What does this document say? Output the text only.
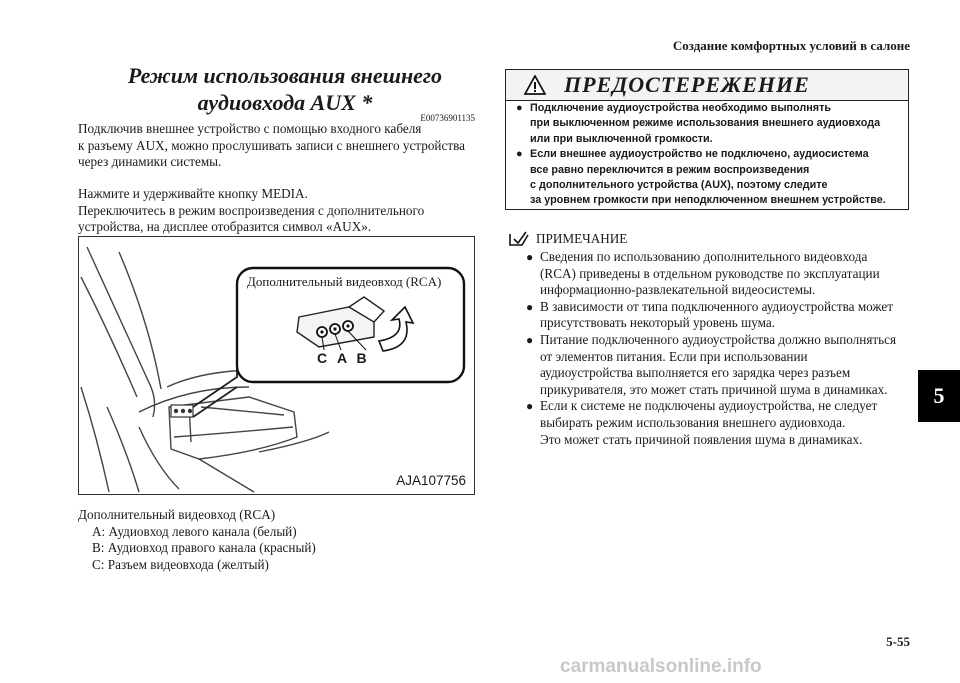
Создание комфортных условий в салоне
Режим использования внешнего
аудиовхода AUX *
E00736901135
Подключив внешнее устройство с помощью входного кабеля
к разъему AUX, можно прослушивать записи с внешнего устройства
через динамики системы.
Нажмите и удерживайте кнопку MEDIA.
Переключитесь в режим воспроизведения с дополнительного
устройства, на дисплее отобразится символ «AUX».
Дополнительный видеовход (RCA)
C A B
AJA107756
Дополнительный видеовход (RCA)
A: Аудиовход левого канала (белый)
B: Аудиовход правого канала (красный)
C: Разъем видеовхода (желтый)
ПРЕДОСТЕРЕЖЕНИЕ
● Подключение аудиоустройства необходимо выполнять
при выключенном режиме использования внешнего аудиовхода
или при выключенной громкости.
● Если внешнее аудиоустройство не подключено, аудиосистема
все равно переключится в режим воспроизведения
с дополнительного устройства (AUX), поэтому следите
за уровнем громкости при неподключенном внешнем устройстве.
ПРИМЕЧАНИЕ
● Сведения по использованию дополнительного видеовхода
(RCA) приведены в отдельном руководстве по эксплуатации
информационно-развлекательной видеосистемы.
● В зависимости от типа подключенного аудиоустройства может
присутствовать некоторый уровень шума.
● Питание подключенного аудиоустройства должно выполняться
от элементов питания. Если при использовании
аудиоустройства выполняется его зарядка через разъем
прикуривателя, это может стать причиной шума в динамиках.
● Если к системе не подключены аудиоустройства, не следует
выбирать режим использования внешнего аудиовхода.
Это может стать причиной появления шума в динамиках.
5
5-55
carmanualsonline.info
